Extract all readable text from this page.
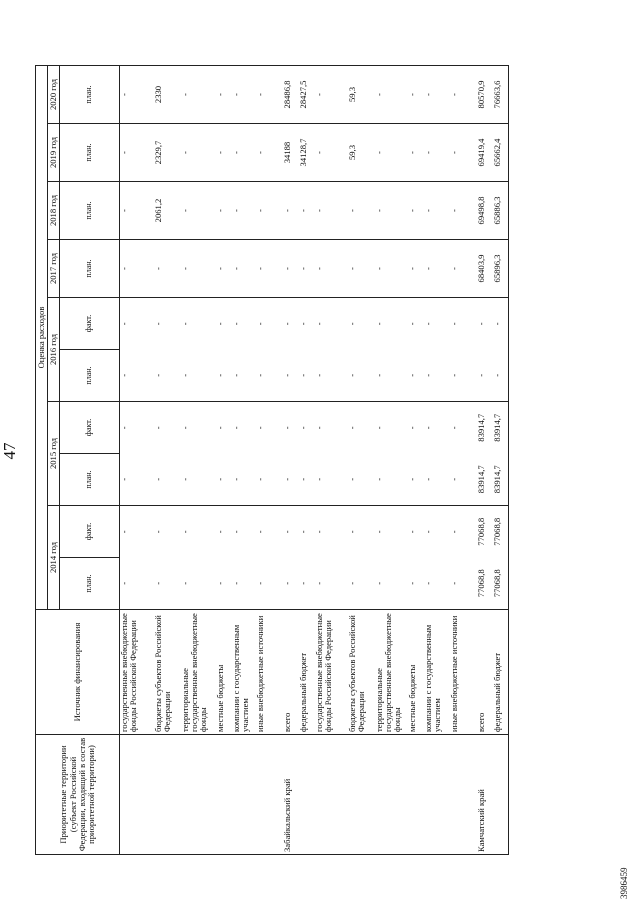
47
Приоритетные территории (субъект Российской Федерации, входящий в состав приоритетной территории)	Источник финансирования	Оценка расходов									
		2014 год		2015 год		2016 год		2017 год	2018 год	2019 год	2020 год
		план.	факт.	план.	факт.	план.	факт.	план.	план.	план.	план.
	государственные внебюджетные фонды Российской Федерации	-	-	-	-	-	-	-	-	-	-
	бюджеты субъектов Российской Федерации	-	-	-	-	-	-	-	2061,2	2329,7	2330
	территориальные государственные внебюджетные фонды	-	-	-	-	-	-	-	-	-	-
	местные бюджеты	-	-	-	-	-	-	-	-	-	-
	компании с государственным участием	-	-	-	-	-	-	-	-	-	-
	иные внебюджетные источники	-	-	-	-	-	-	-	-	-	-
Забайкальский край	всего	-	-	-	-	-	-	-	-	34188	28486,8
	федеральный бюджет	-	-	-	-	-	-	-	-	34128,7	28427,5
	государственные внебюджетные фонды Российской Федерации	-	-	-	-	-	-	-	-	-	-
	бюджеты субъектов Российской Федерации	-	-	-	-	-	-	-	-	59,3	59,3
	территориальные государственные внебюджетные фонды	-	-	-	-	-	-	-	-	-	-
	местные бюджеты	-	-	-	-	-	-	-	-	-	-
	компании с государственным участием	-	-	-	-	-	-	-	-	-	-
	иные внебюджетные источники	-	-	-	-	-	-	-	-	-	-
Камчатский край	всего	77068,8	77068,8	83914,7	83914,7	-	-	68403,9	69498,8	69419,4	80570,9
	федеральный бюджет	77068,8	77068,8	83914,7	83914,7	-	-	65896,3	65886,3	65662,4	76663,6
3986459
